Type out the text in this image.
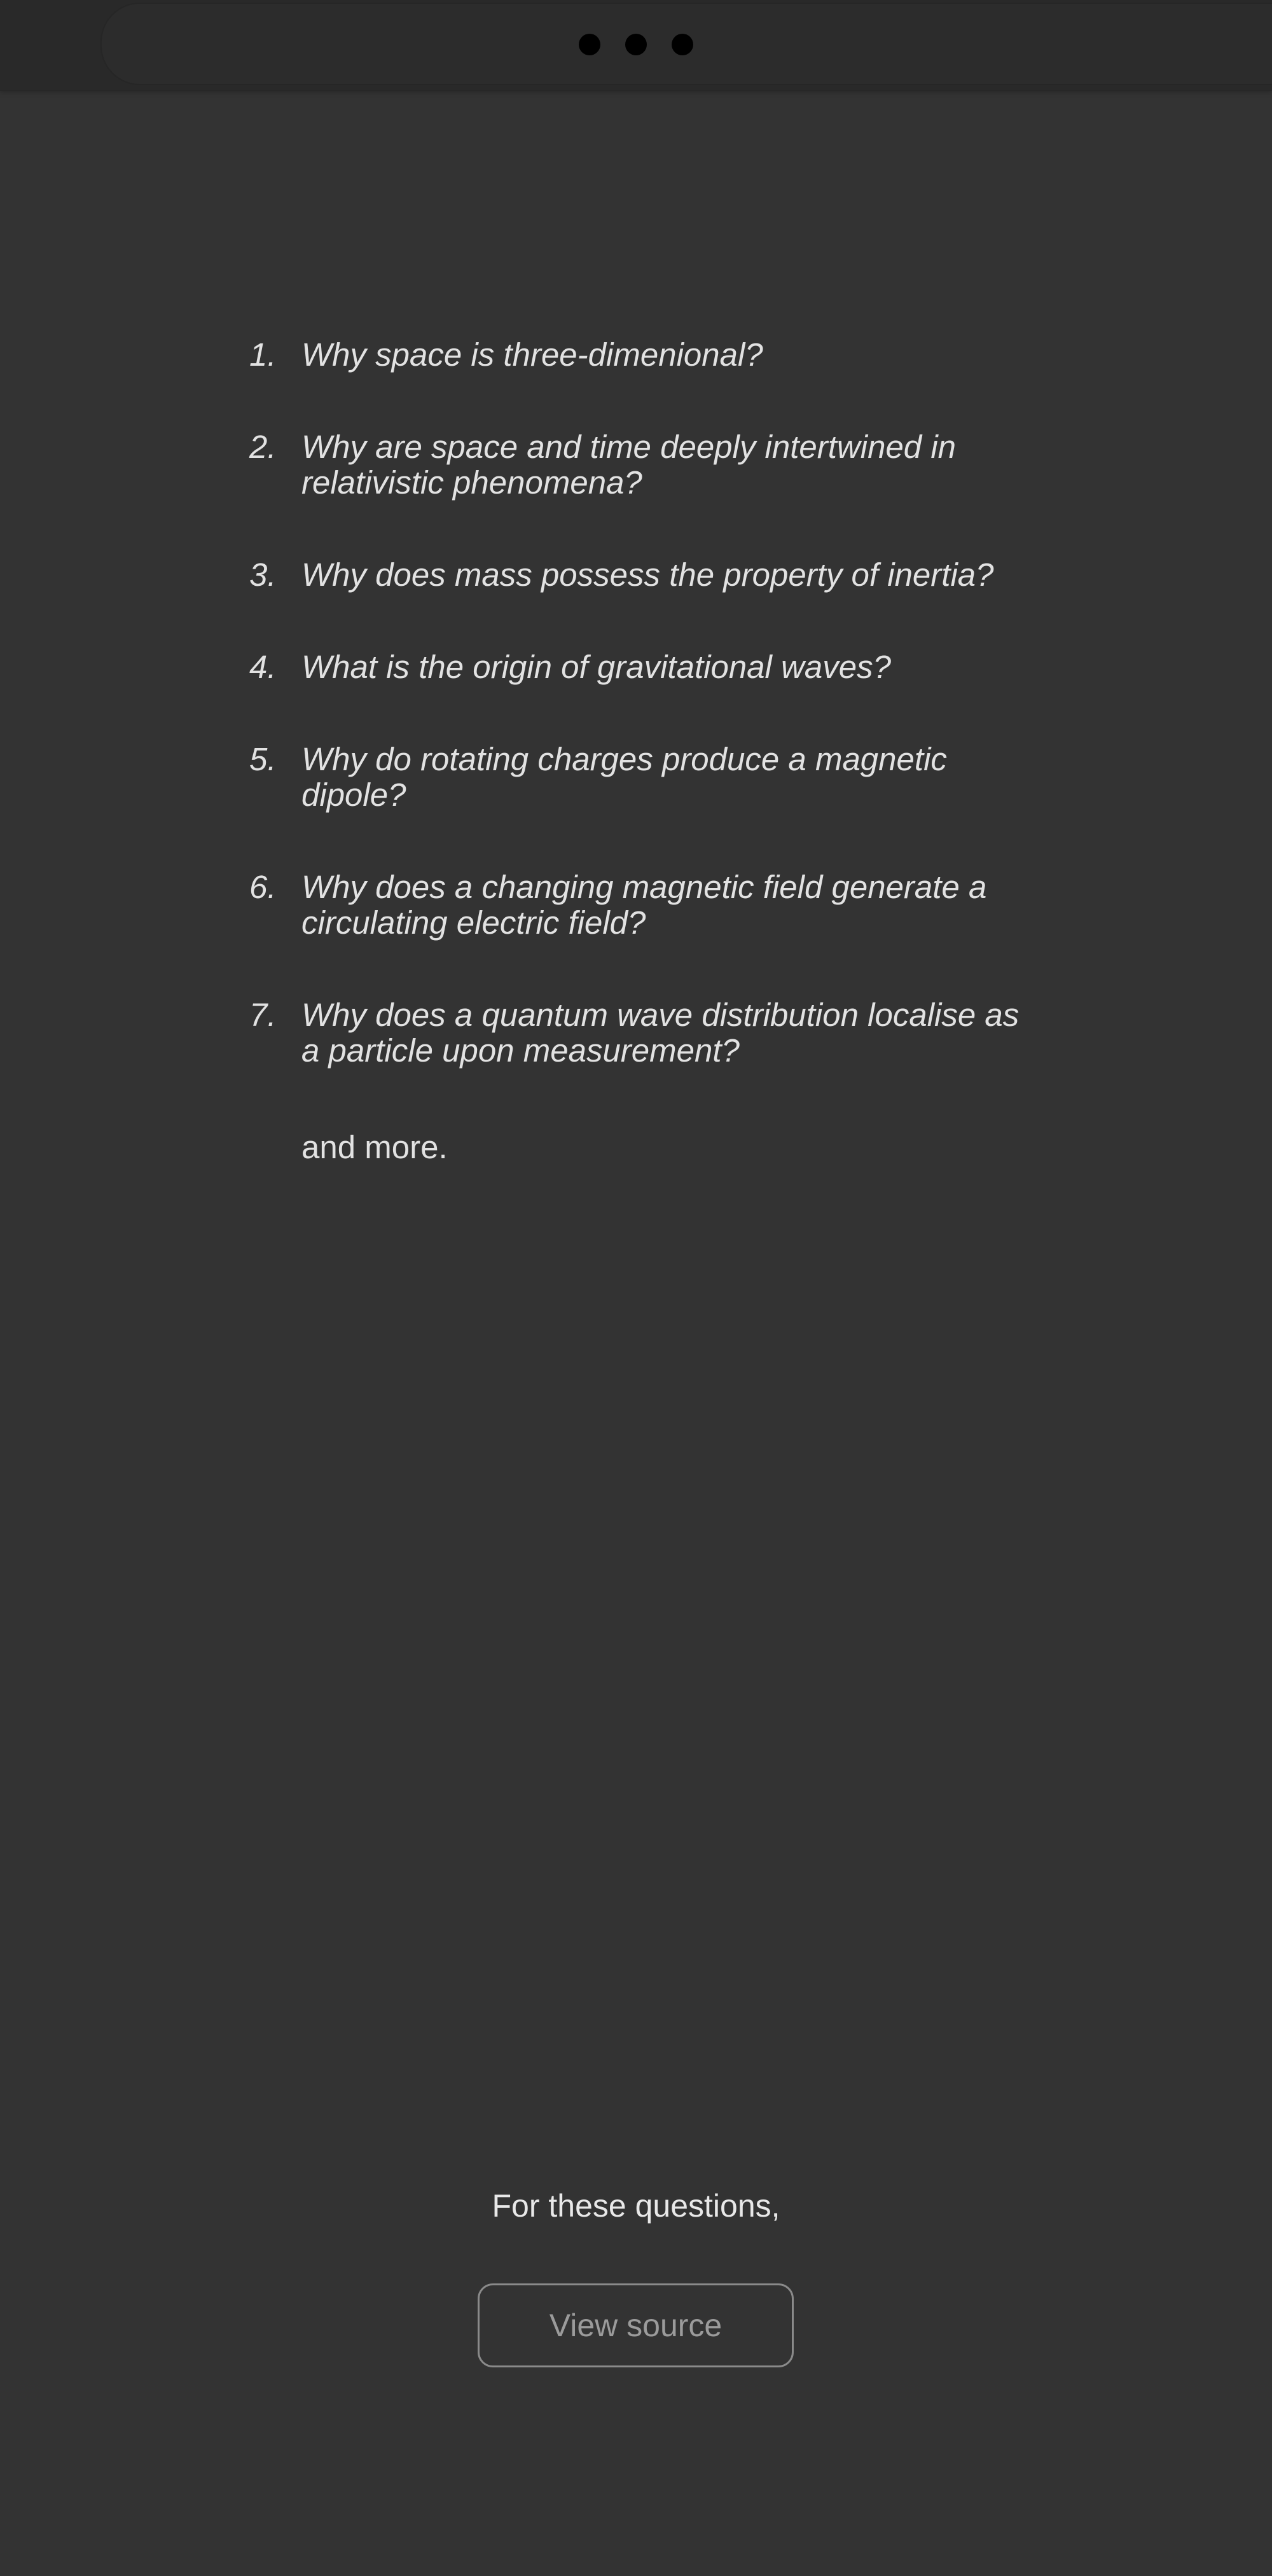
1. Why space is three-dimenional?
2. Why are space and time deeply intertwined in relativistic phenomena?
3. Why does mass possess the property of inertia?
4. What is the origin of gravitational waves?
5. Why do rotating charges produce a magnetic dipole?
6. Why does a changing magnetic field generate a circulating electric field?
7. Why does a quantum wave distribution localise as a particle upon measurement?
and more.
For these questions,
View source
